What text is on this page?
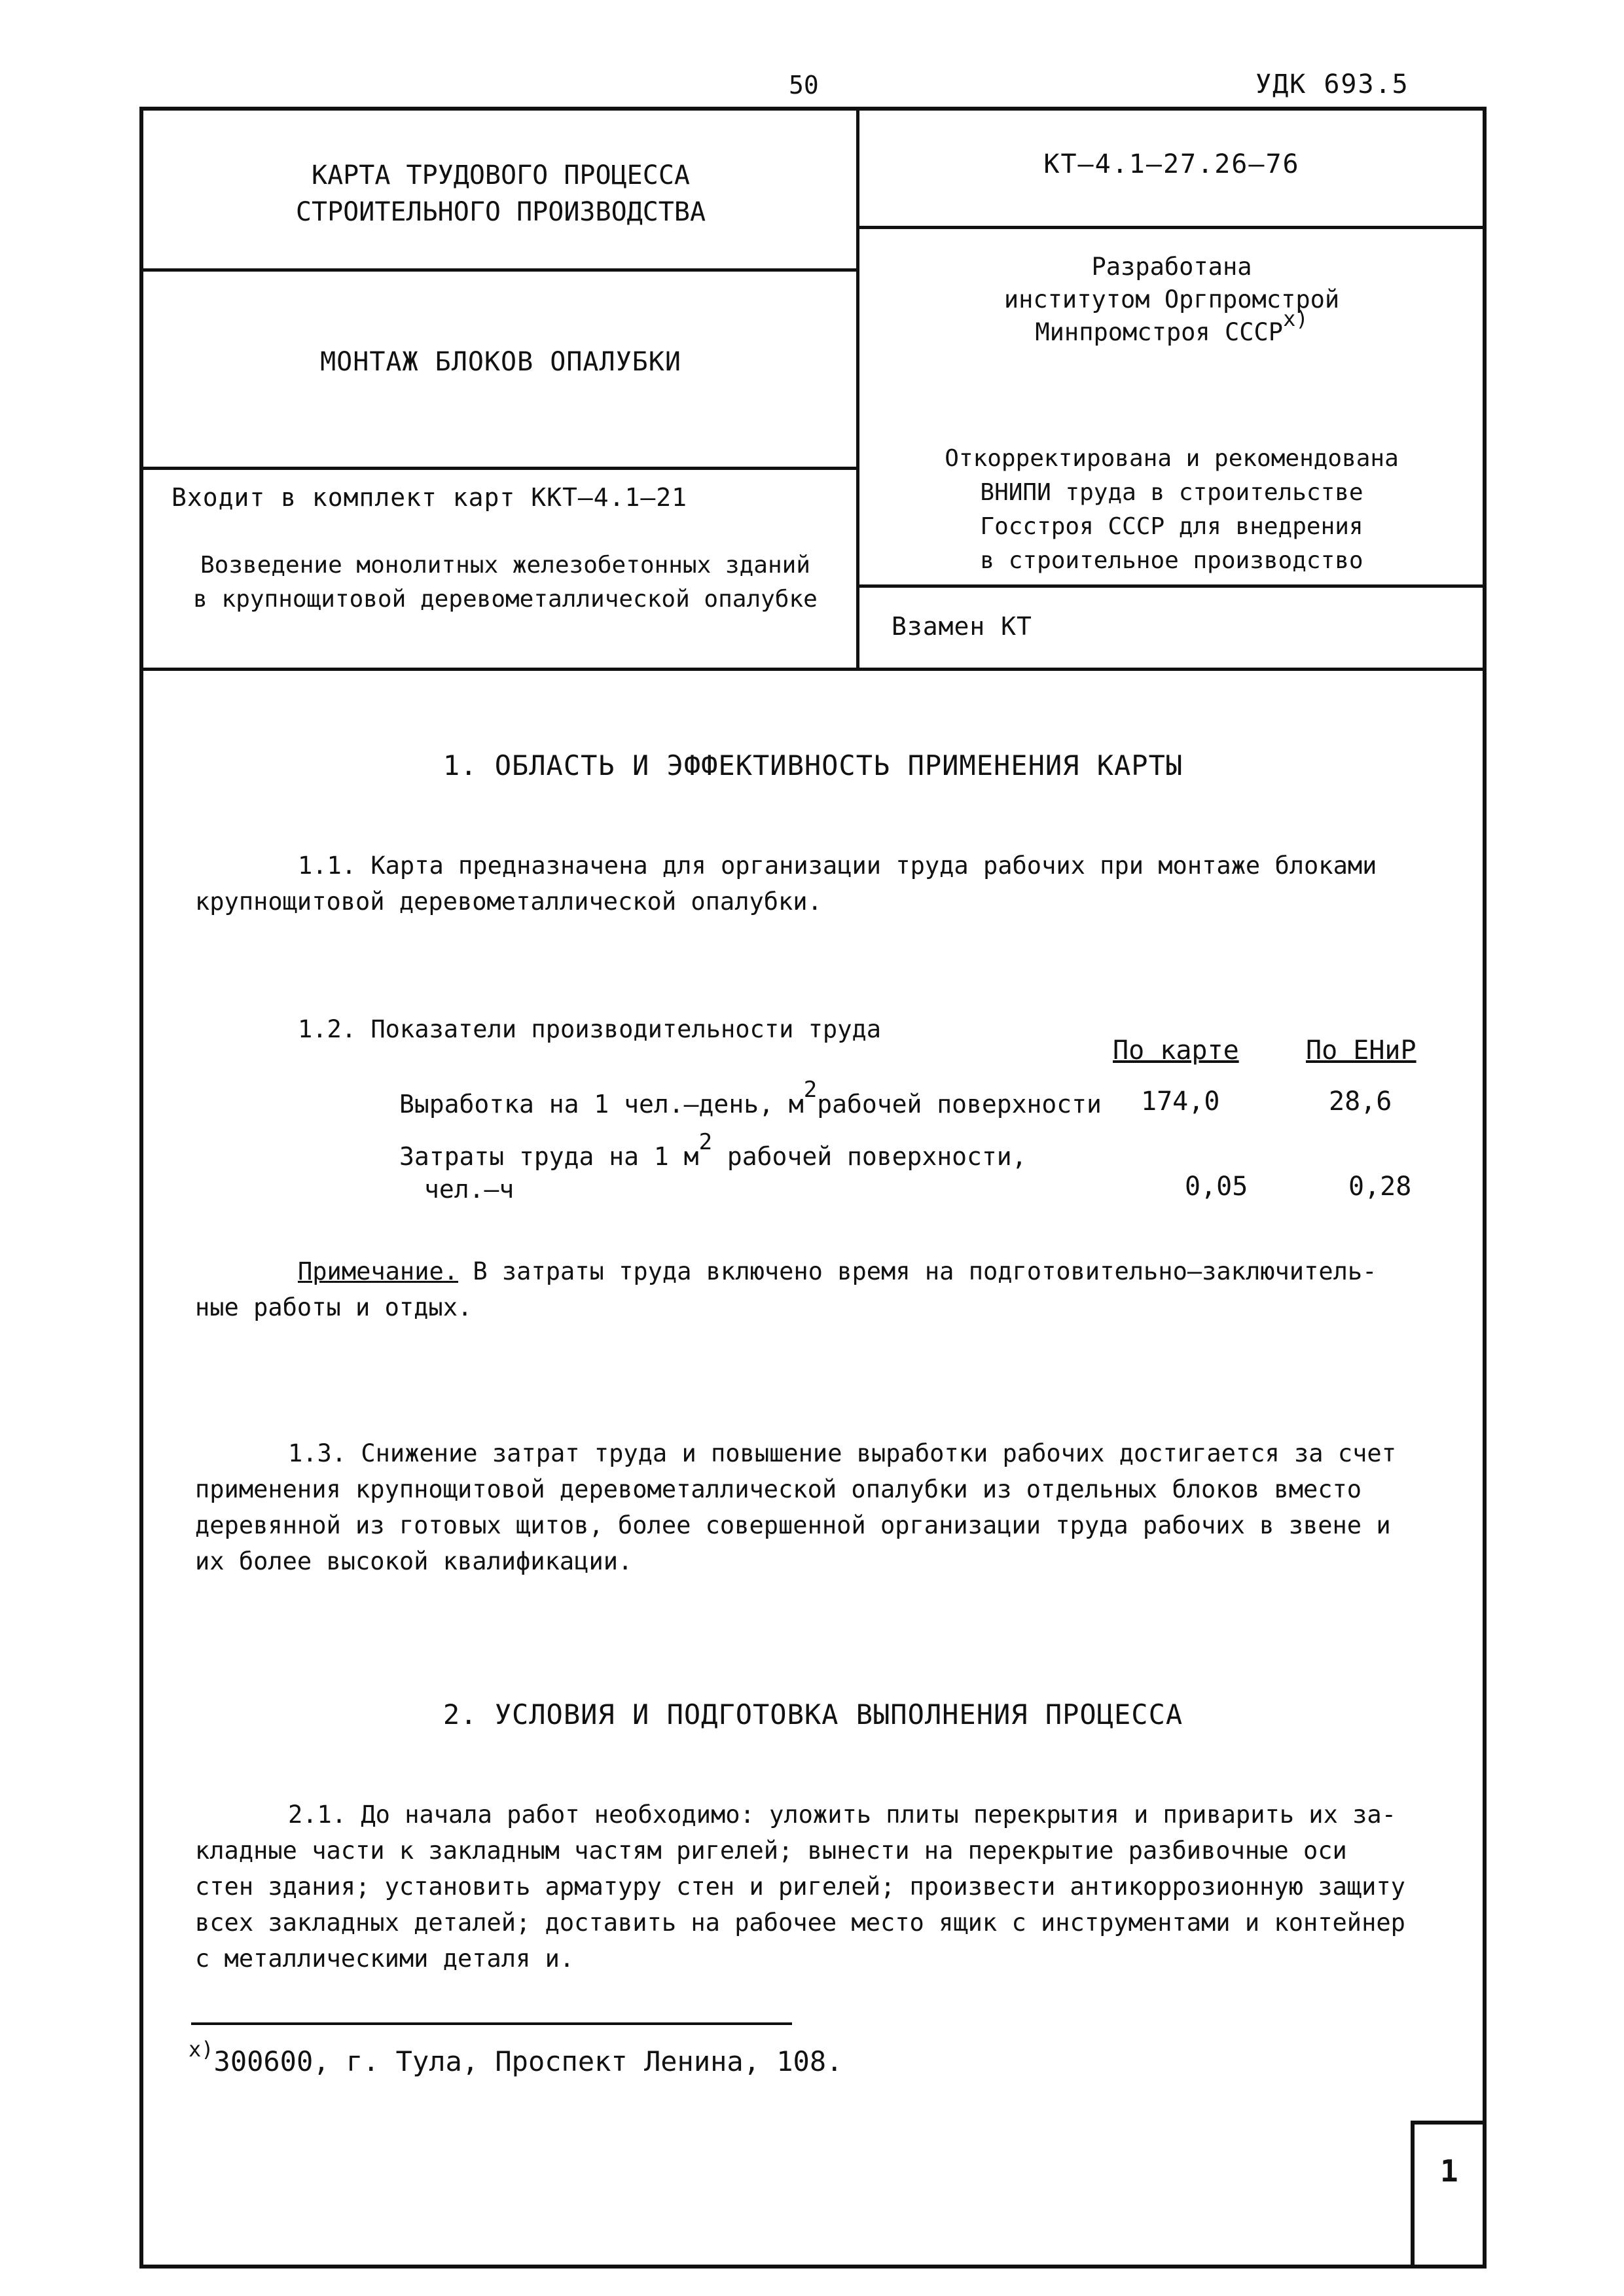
50	УДК 693.5
КАРТА ТРУДОВОГО ПРОЦЕССА
СТРОИТЕЛЬНОГО ПРОИЗВОДСТВА
КТ–4.1–27.26–76
МОНТАЖ БЛОКОВ ОПАЛУБКИ
Разработана
институтом Оргпромстрой
Минпромстроя СССРx)
Откорректирована и рекомендована
ВНИПИ труда в строительстве
Госстроя СССР для внедрения
в строительное производство
Входит в комплект карт ККТ–4.1–21
Возведение монолитных железобетонных зданий
в крупнощитовой деревометаллической опалубке
Взамен КТ
1. ОБЛАСТЬ И ЭФФЕКТИВНОСТЬ ПРИМЕНЕНИЯ КАРТЫ
1.1. Карта предназначена для организации труда рабочих при монтаже блоками
крупнощитовой деревометаллической опалубки.
1.2. Показатели производительности труда
По карте	По ЕНиР
Выработка на 1 чел.–день, м2рабочей поверхности 174,0	28,6
Затраты труда на 1 м2 рабочей поверхности,
чел.–ч	0,05	0,28
Примечание. В затраты труда включено время на подготовительно–заключитель-
ные работы и отдых.
1.3. Снижение затрат труда и повышение выработки рабочих достигается за счет
применения крупнощитовой деревометаллической опалубки из отдельных блоков вместо
деревянной из готовых щитов, более совершенной организации труда рабочих в звене и
их более высокой квалификации.
2. УСЛОВИЯ И ПОДГОТОВКА ВЫПОЛНЕНИЯ ПРОЦЕССА
2.1. До начала работ необходимо: уложить плиты перекрытия и приварить их за-
кладные части к закладным частям ригелей; вынести на перекрытие разбивочные оси
стен здания; установить арматуру стен и ригелей; произвести антикоррозионную защиту
всех закладных деталей; доставить на рабочее место ящик с инструментами и контейнер
с металлическими деталя и.
$^{x)}$300600, г. Тула, Проспект Ленина, 108.
1
